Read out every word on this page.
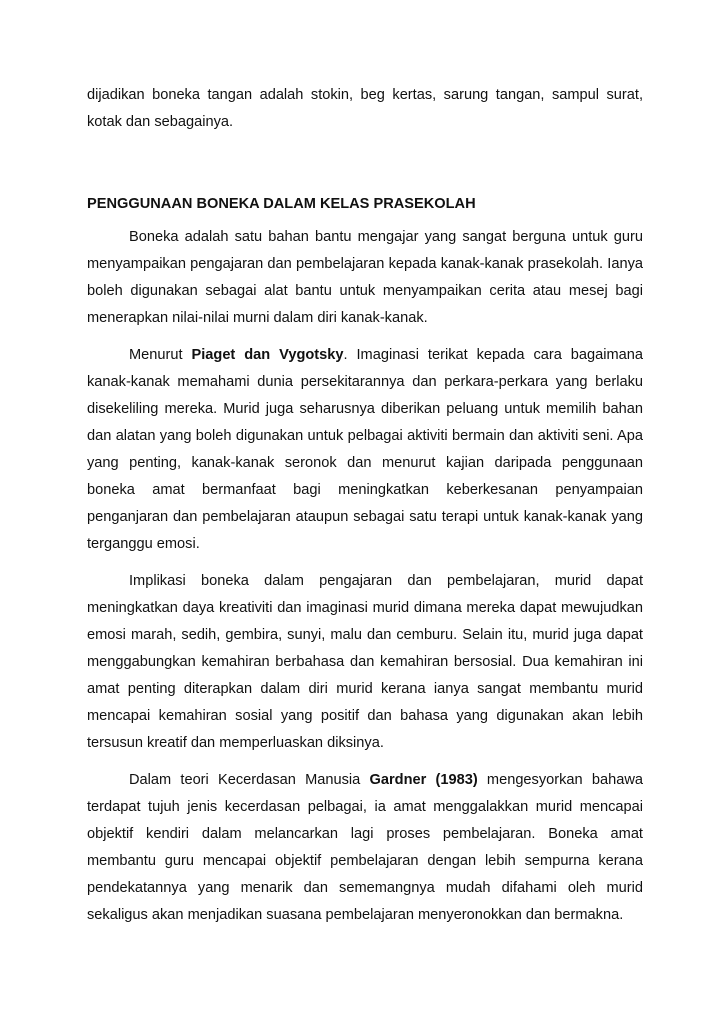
dijadikan boneka tangan adalah stokin, beg kertas, sarung tangan, sampul surat, kotak dan sebagainya.

PENGGUNAAN BONEKA DALAM KELAS PRASEKOLAH

Boneka adalah satu bahan bantu mengajar yang sangat berguna untuk guru menyampaikan pengajaran dan pembelajaran kepada kanak-kanak prasekolah. Ianya boleh digunakan sebagai alat bantu untuk menyampaikan cerita atau mesej bagi menerapkan nilai-nilai murni dalam diri kanak-kanak.

Menurut Piaget dan Vygotsky. Imaginasi terikat kepada cara bagaimana kanak-kanak memahami dunia persekitarannya dan perkara-perkara yang berlaku disekeliling mereka. Murid juga seharusnya diberikan peluang untuk memilih bahan dan alatan yang boleh digunakan untuk pelbagai aktiviti bermain dan aktiviti seni. Apa yang penting, kanak-kanak seronok dan menurut kajian daripada penggunaan boneka amat bermanfaat bagi meningkatkan keberkesanan penyampaian penganjaran dan pembelajaran ataupun sebagai satu terapi untuk kanak-kanak yang terganggu emosi.

Implikasi boneka dalam pengajaran dan pembelajaran, murid dapat meningkatkan daya kreativiti dan imaginasi murid dimana mereka dapat mewujudkan emosi marah, sedih, gembira, sunyi, malu dan cemburu. Selain itu, murid juga dapat menggabungkan kemahiran berbahasa dan kemahiran bersosial. Dua kemahiran ini amat penting diterapkan dalam diri murid kerana ianya sangat membantu murid mencapai kemahiran sosial yang positif dan bahasa yang digunakan akan lebih tersusun kreatif dan memperluaskan diksinya.

Dalam teori Kecerdasan Manusia Gardner (1983) mengesyorkan bahawa terdapat tujuh jenis kecerdasan pelbagai, ia amat menggalakkan murid mencapai objektif kendiri dalam melancarkan lagi proses pembelajaran. Boneka amat membantu guru mencapai objektif pembelajaran dengan lebih sempurna kerana pendekatannya yang menarik dan sememangnya mudah difahami oleh murid sekaligus akan menjadikan suasana pembelajaran menyeronokkan dan bermakna.
